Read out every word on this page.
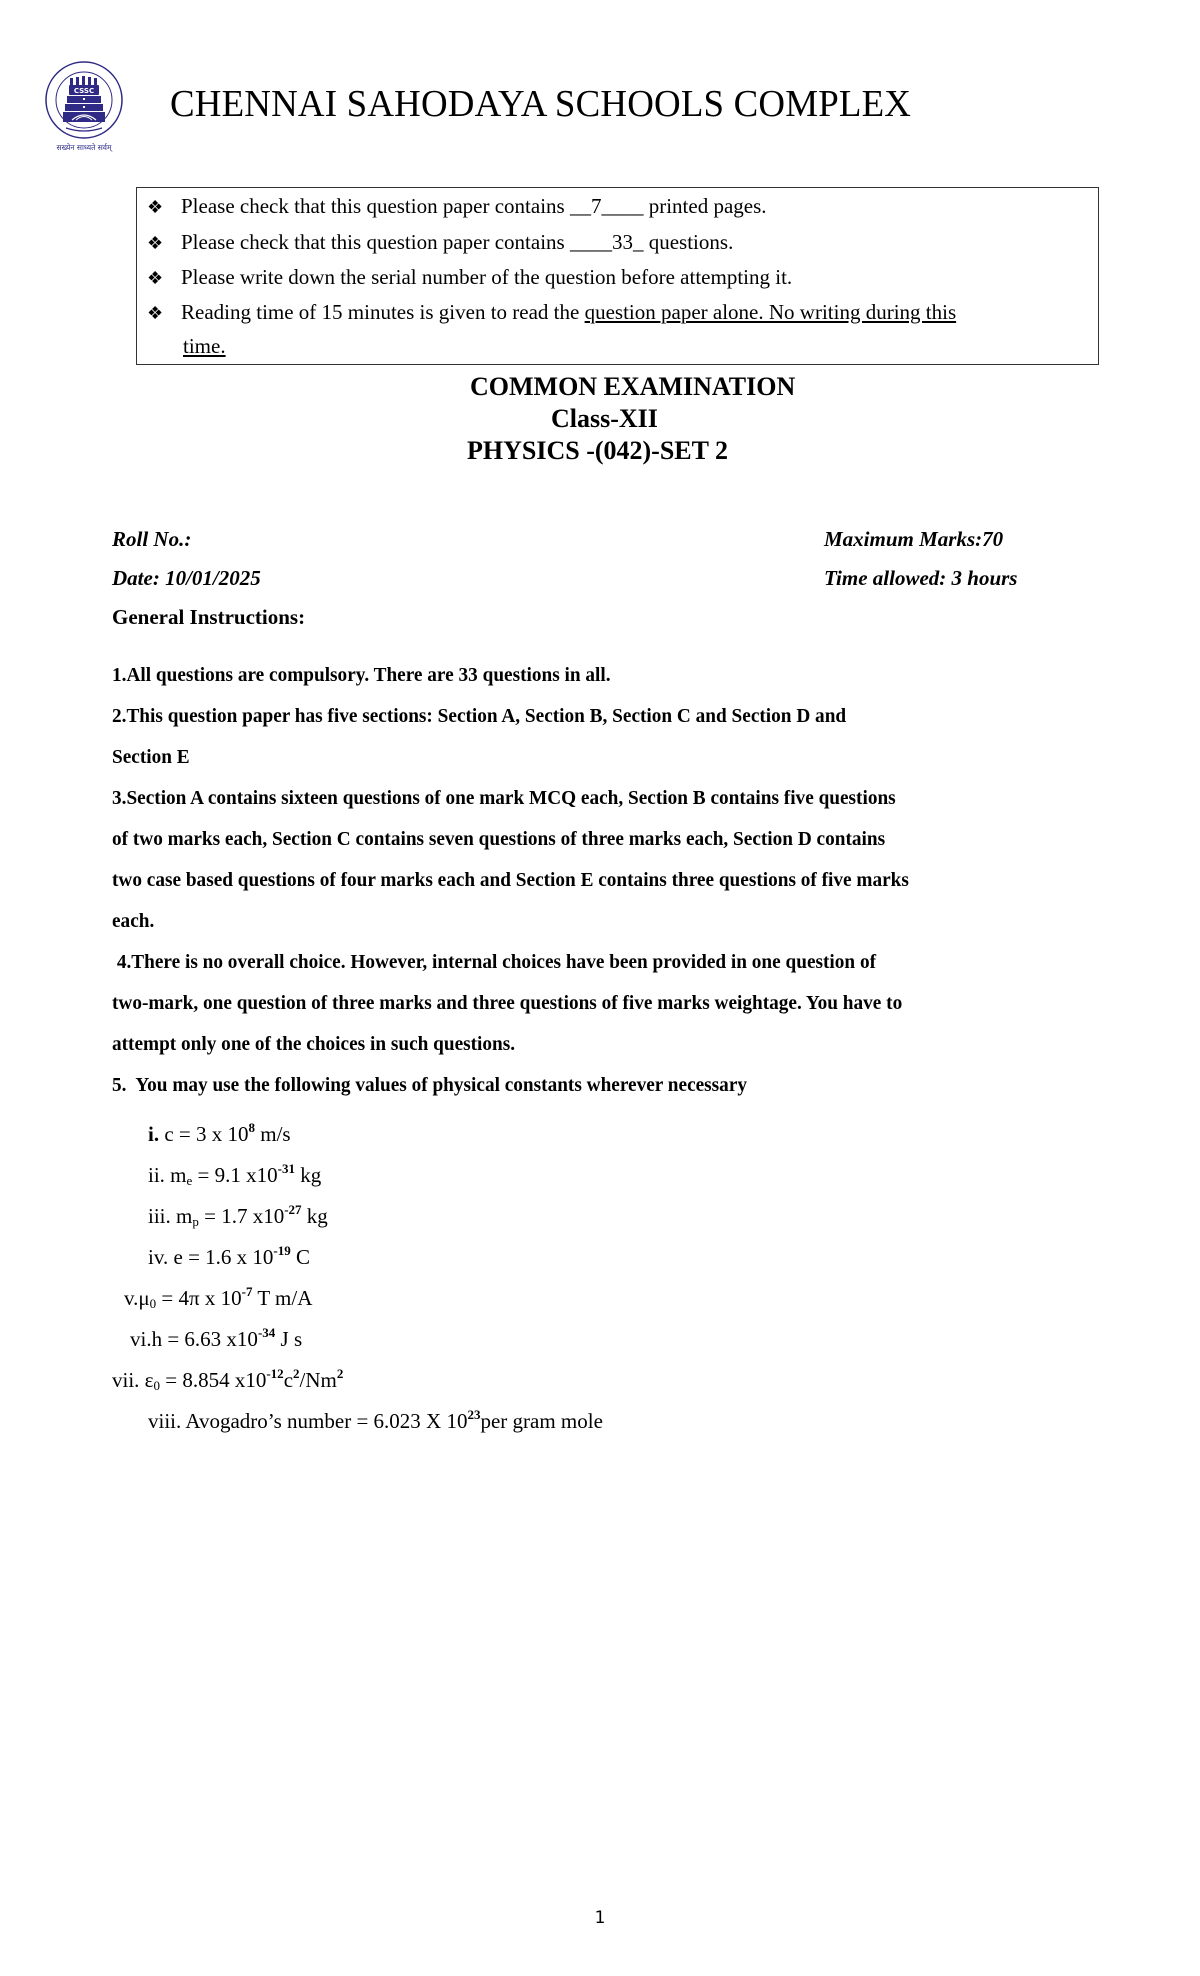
CSSC
सख्येन साध्यते सर्वम्
CHENNAI SAHODAYA SCHOOLS COMPLEX
❖ Please check that this question paper contains __7____ printed pages.
❖ Please check that this question paper contains ____33_ questions.
❖ Please write down the serial number of the question before attempting it.
❖ Reading time of 15 minutes is given to read the question paper alone. No writing during this
time.
COMMON EXAMINATION
Class-XII
PHYSICS -(042)-SET 2
Roll No.:
Date: 10/01/2025
Maximum Marks:70
Time allowed: 3 hours
General Instructions:
1.All questions are compulsory. There are 33 questions in all.
2.This question paper has five sections: Section A, Section B, Section C and Section D and
Section E
3.Section A contains sixteen questions of one mark MCQ each, Section B contains five questions
of two marks each, Section C contains seven questions of three marks each, Section D contains
two case based questions of four marks each and Section E contains three questions of five marks
each.
4.There is no overall choice. However, internal choices have been provided in one question of
two-mark, one question of three marks and three questions of five marks weightage. You have to
attempt only one of the choices in such questions.
5.  You may use the following values of physical constants wherever necessary
i. c = 3 x $10^8$ m/s
ii. $m_e = 9.1$ $x10^{-31}$ kg
iii. $m_p = 1.7$ $x10^{-27}$ kg
iv. e = 1.6 x $10^{-19}$ C
$v.\mu_0 = 4\pi$ x $10^{-7}$ T m/A
vi.h = 6.63 $x10^{-34}$ J s
vii. $\varepsilon_0 = 8.854$ $x10^{-12}c^2/Nm^2$
viii. Avogadro’s number = 6.023 X $10^{23}per$ gram mole
1
